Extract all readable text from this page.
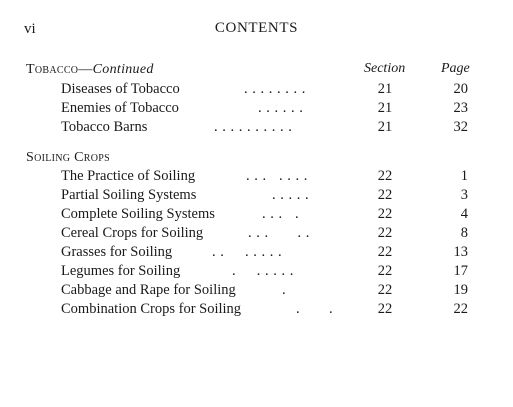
vi	CONTENTS
Tobacco—Continued	Section	Page
Diseases of Tobacco	. . . . . . . .	21	20
Enemies of Tobacco	. . . . . .	21	23
Tobacco Barns	. . . . . . . . . .	21	32
Soiling Crops
The Practice of Soiling	. . .   . . . .	22	1
Partial Soiling Systems	. . . . .	22	3
Complete Soiling Systems	. . .   .	22	4
Cereal Crops for Soiling	. . .       . .	22	8
Grasses for Soiling	. .     . . . . .	22	13
Legumes for Soiling	.     . . . . .	22	17
Cabbage and Rape for Soiling	.	22	19
Combination Crops for Soiling	.       .	22	22
